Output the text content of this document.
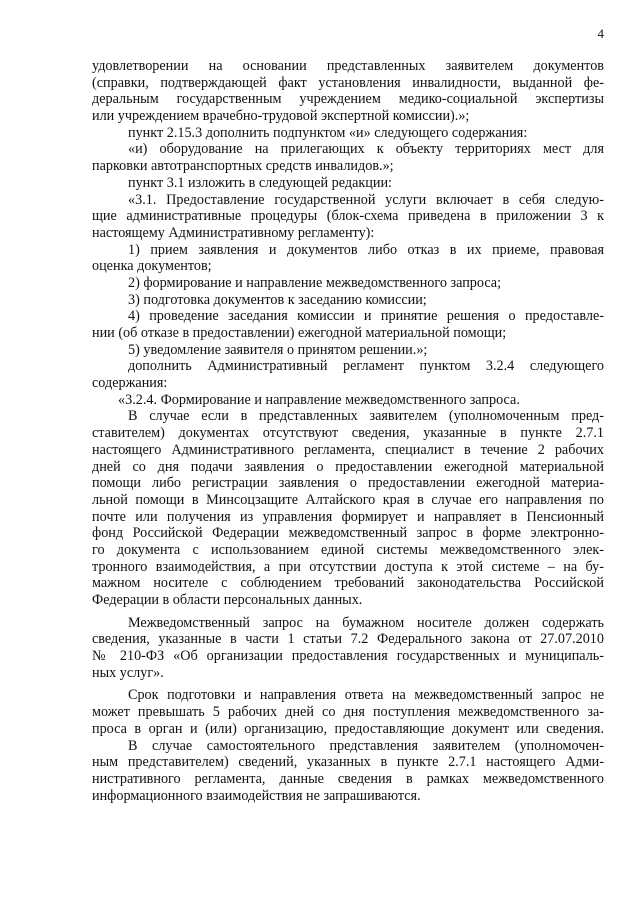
4
удовлетворении на основании представленных заявителем документов
(справки, подтверждающей факт установления инвалидности, выданной фе-
деральным государственным учреждением медико-социальной экспертизы
или учреждением врачебно-трудовой экспертной комиссии).»;
пункт 2.15.3 дополнить подпунктом «и» следующего содержания:
«и) оборудование на прилегающих к объекту территориях мест для
парковки автотранспортных средств инвалидов.»;
пункт 3.1 изложить в следующей редакции:
«3.1. Предоставление государственной услуги включает в себя следую-
щие административные процедуры (блок-схема приведена в приложении 3 к
настоящему Административному регламенту):
1) прием заявления и документов либо отказ в их приеме, правовая
оценка документов;
2) формирование и направление межведомственного запроса;
3) подготовка документов к заседанию комиссии;
4) проведение заседания комиссии и принятие решения о предоставле-
нии (об отказе в предоставлении) ежегодной материальной помощи;
5) уведомление заявителя о принятом решении.»;
дополнить Административный регламент пунктом 3.2.4 следующего
содержания:
«3.2.4. Формирование и направление межведомственного запроса.
В случае если в представленных заявителем (уполномоченным пред-
ставителем) документах отсутствуют сведения, указанные в пункте 2.7.1
настоящего Административного регламента, специалист в течение 2 рабочих
дней со дня подачи заявления о предоставлении ежегодной материальной
помощи либо регистрации заявления о предоставлении ежегодной материа-
льной помощи в Минсоцзащите Алтайского края в случае его направления по
почте или получения из управления формирует и направляет в Пенсионный
фонд Российской Федерации межведомственный запрос в форме электронно-
го документа с использованием единой системы межведомственного элек-
тронного взаимодействия, а при отсутствии доступа к этой системе – на бу-
мажном носителе с соблюдением требований законодательства Российской
Федерации в области персональных данных.
Межведомственный запрос на бумажном носителе должен содержать
сведения, указанные в части 1 статьи 7.2 Федерального закона от 27.07.2010
№ 210-ФЗ «Об организации предоставления государственных и муниципаль-
ных услуг».
Срок подготовки и направления ответа на межведомственный запрос не
может превышать 5 рабочих дней со дня поступления межведомственного за-
проса в орган и (или) организацию, предоставляющие документ или сведения.
В случае самостоятельного представления заявителем (уполномочен-
ным представителем) сведений, указанных в пункте 2.7.1 настоящего Адми-
нистративного регламента, данные сведения в рамках межведомственного
информационного взаимодействия не запрашиваются.
